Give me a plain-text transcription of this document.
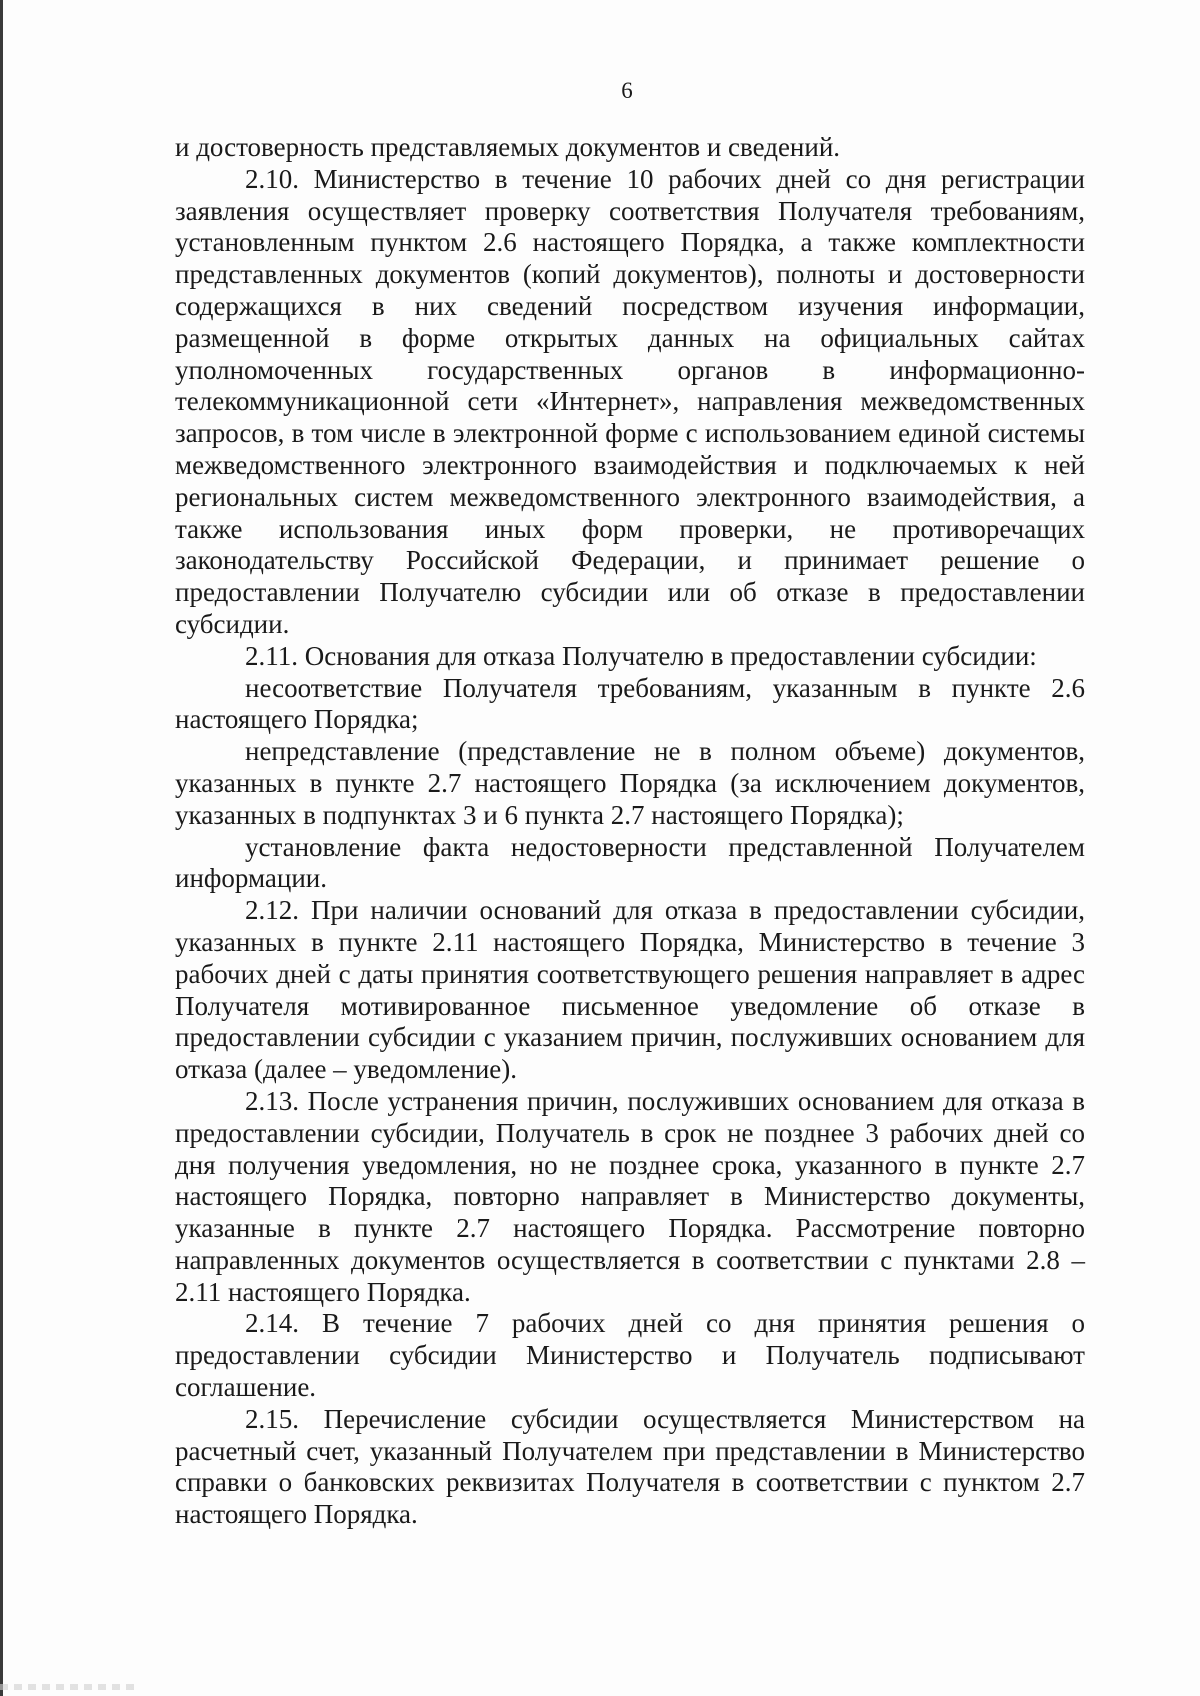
6

и достоверность представляемых документов и сведений.

2.10. Министерство в течение 10 рабочих дней со дня регистрации заявления осуществляет проверку соответствия Получателя требованиям, установленным пунктом 2.6 настоящего Порядка, а также комплектности представленных документов (копий документов), полноты и достоверности содержащихся в них сведений посредством изучения информации, размещенной в форме открытых данных на официальных сайтах уполномоченных государственных органов в информационно-телекоммуникационной сети «Интернет», направления межведомственных запросов, в том числе в электронной форме с использованием единой системы межведомственного электронного взаимодействия и подключаемых к ней региональных систем межведомственного электронного взаимодействия, а также использования иных форм проверки, не противоречащих законодательству Российской Федерации, и принимает решение о предоставлении Получателю субсидии или об отказе в предоставлении субсидии.

2.11. Основания для отказа Получателю в предоставлении субсидии:

несоответствие Получателя требованиям, указанным в пункте 2.6 настоящего Порядка;

непредставление (представление не в полном объеме) документов, указанных в пункте 2.7 настоящего Порядка (за исключением документов, указанных в подпунктах 3 и 6 пункта 2.7 настоящего Порядка);

установление факта недостоверности представленной Получателем информации.

2.12. При наличии оснований для отказа в предоставлении субсидии, указанных в пункте 2.11 настоящего Порядка, Министерство в течение 3 рабочих дней с даты принятия соответствующего решения направляет в адрес Получателя мотивированное письменное уведомление об отказе в предоставлении субсидии с указанием причин, послуживших основанием для отказа (далее – уведомление).

2.13. После устранения причин, послуживших основанием для отказа в предоставлении субсидии, Получатель в срок не позднее 3 рабочих дней со дня получения уведомления, но не позднее срока, указанного в пункте 2.7 настоящего Порядка, повторно направляет в Министерство документы, указанные в пункте 2.7 настоящего Порядка. Рассмотрение повторно направленных документов осуществляется в соответствии с пунктами 2.8 – 2.11 настоящего Порядка.

2.14. В течение 7 рабочих дней со дня принятия решения о предоставлении субсидии Министерство и Получатель подписывают соглашение.

2.15. Перечисление субсидии осуществляется Министерством на расчетный счет, указанный Получателем при представлении в Министерство справки о банковских реквизитах Получателя в соответствии с пунктом 2.7 настоящего Порядка.
